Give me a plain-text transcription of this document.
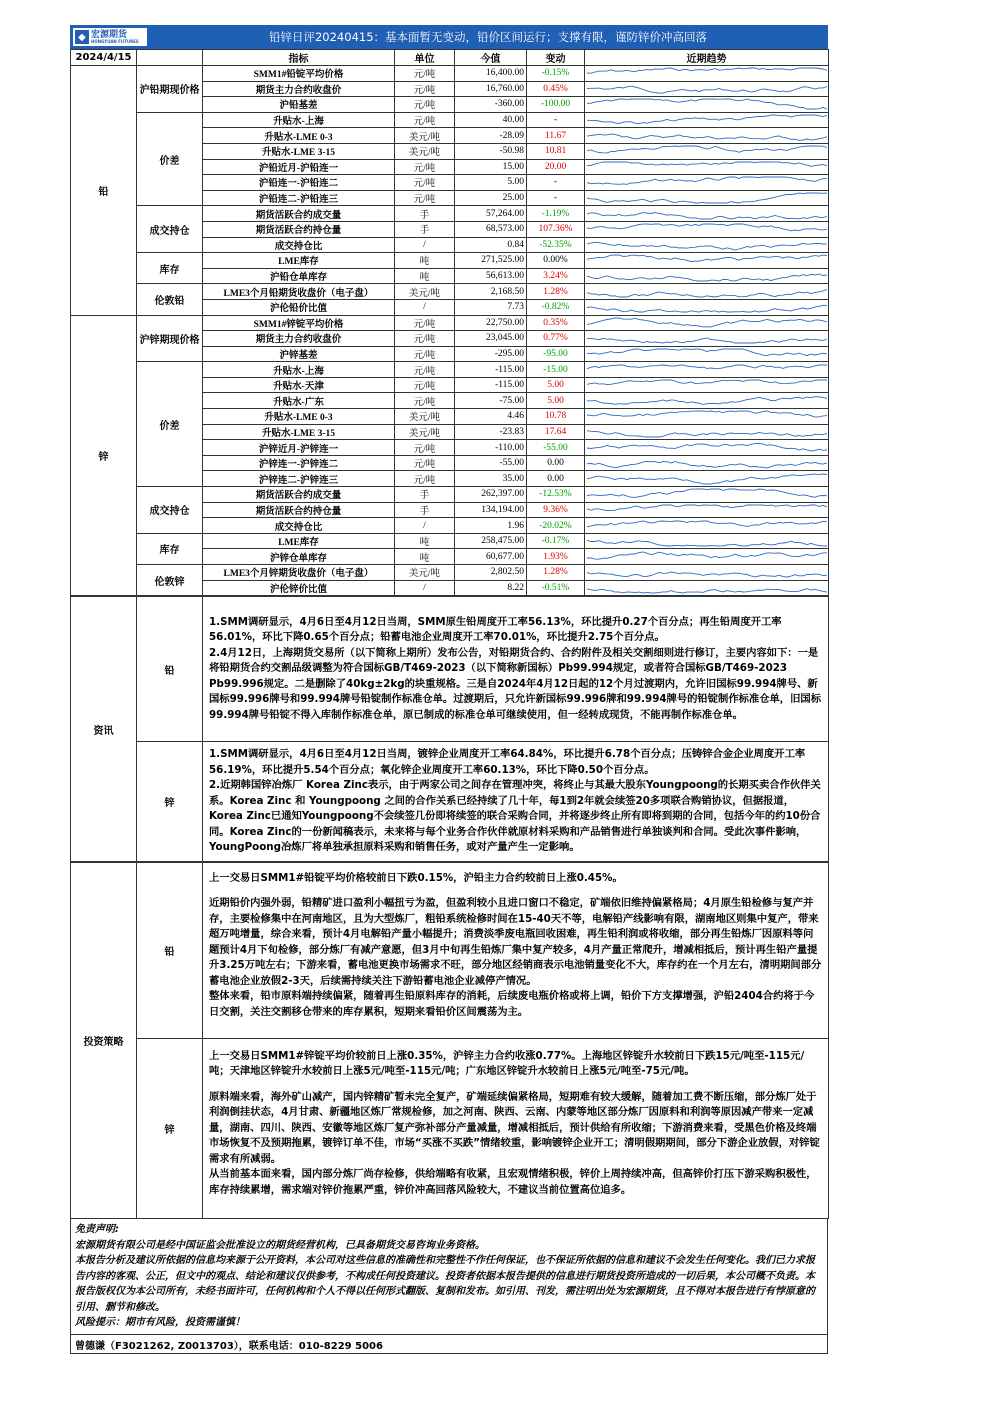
◆ 宏源期货
HONGYUAN FUTURES	铅锌日评20240415：基本面暂无变动，铅价区间运行；支撑有限，谨防锌价冲高回落
2024/4/15		指标	单位	今值	变动	近期趋势
铅	沪铅期现价格	SMM1#铅锭平均价格	元/吨	16,400.00	-0.15%	

		期货主力合约收盘价	元/吨	16,760.00	0.45%	

		沪铅基差	元/吨	-360.00	-100.00	

	价差	升贴水-上海	元/吨	40.00	-	

		升贴水-LME 0-3	美元/吨	-28.09	11.67	

		升贴水-LME 3-15	美元/吨	-50.98	10.81	

		沪铅近月-沪铅连一	元/吨	15.00	20.00	

		沪铅连一-沪铅连二	元/吨	5.00	-	

		沪铅连二-沪铅连三	元/吨	25.00	-	

	成交持仓	期货活跃合约成交量	手	57,264.00	-1.19%	

		期货活跃合约持仓量	手	68,573.00	107.36%	

		成交持仓比	/	0.84	-52.35%	

	库存	LME库存	吨	271,525.00	0.00%	

		沪铅仓单库存	吨	56,613.00	3.24%	

	伦敦铅	LME3个月铅期货收盘价（电子盘）	美元/吨	2,168.50	1.28%	

		沪伦铅价比值	/	7.73	-0.82%	

锌	沪锌期现价格	SMM1#锌锭平均价格	元/吨	22,750.00	0.35%	

		期货主力合约收盘价	元/吨	23,045.00	0.77%	

		沪锌基差	元/吨	-295.00	-95.00	

	价差	升贴水-上海	元/吨	-115.00	-15.00	

		升贴水-天津	元/吨	-115.00	5.00	

		升贴水-广东	元/吨	-75.00	5.00	

		升贴水-LME 0-3	美元/吨	4.46	10.78	

		升贴水-LME 3-15	美元/吨	-23.83	17.64	

		沪锌近月-沪锌连一	元/吨	-110.00	-55.00	

		沪锌连一-沪锌连二	元/吨	-55.00	0.00	

		沪锌连二-沪锌连三	元/吨	35.00	0.00	

	成交持仓	期货活跃合约成交量	手	262,397.00	-12.53%	

		期货活跃合约持仓量	手	134,194.00	9.36%	

		成交持仓比	/	1.96	-20.02%	

	库存	LME库存	吨	258,475.00	-0.17%	

		沪锌仓单库存	吨	60,677.00	1.93%	

	伦敦锌	LME3个月锌期货收盘价（电子盘）	美元/吨	2,802.50	1.28%	

		沪伦锌价比值	/	8.22	-0.51%	
资讯	铅	1.SMM调研显示，4月6日至4月12日当周，SMM原生铅周度开工率56.13%，环比提升0.27个百分点；再生铅周度开工率56.01%，环比下降0.65个百分点；铅蓄电池企业周度开工率70.01%，环比提升2.75个百分点。

2.4月12日，上海期货交易所（以下简称上期所）发布公告，对铅期货合约、合约附件及相关交割细则进行修订，主要内容如下：一是将铅期货合约交割品级调整为符合国标GB/T469-2023（以下简称新国标）Pb99.994规定，或者符合国标GB/T469-2023 Pb99.996规定。二是删除了40kg±2kg的块重规格。三是自2024年4月12日起的12个月过渡期内，允许旧国标99.994牌号、新国标99.996牌号和99.994牌号铅锭制作标准仓单。过渡期后，只允许新国标99.996牌和99.994牌号的铅锭制作标准仓单，旧国标99.994牌号铅锭不得入库制作标准仓单，原已制成的标准仓单可继续使用，但一经转成现货，不能再制作标准仓单。

	锌	1.SMM调研显示，4月6日至4月12日当周，镀锌企业周度开工率64.84%，环比提升6.78个百分点；压铸锌合金企业周度开工率56.19%，环比提升5.54个百分点；氧化锌企业周度开工率60.13%，环比下降0.50个百分点。

2.近期韩国锌冶炼厂 Korea Zinc表示，由于两家公司之间存在管理冲突，将终止与其最大股东Youngpoong的长期买卖合作伙伴关系。Korea Zinc 和 Youngpoong 之间的合作关系已经持续了几十年，每1到2年就会续签20多项联合购销协议，但据报道，Korea Zinc已通知Youngpoong不会续签几份即将续签的联合采购合同，并将逐步终止所有即将到期的合同，包括今年的约10份合同。Korea Zinc的一份新闻稿表示，未来将与每个业务合作伙伴就原材料采购和产品销售进行单独谈判和合同。受此次事件影响，YoungPoong冶炼厂将单独承担原料采购和销售任务，或对产量产生一定影响。

投资策略	铅	上一交易日SMM1#铅锭平均价格较前日下跌0.15%，沪铅主力合约较前日上涨0.45%。

近期铅价内强外弱，铅精矿进口盈利小幅扭亏为盈，但盈利较小且进口窗口不稳定，矿端依旧维持偏紧格局；4月原生铅检修与复产并存，主要检修集中在河南地区，且为大型炼厂，粗铅系统检修时间在15-40天不等，电解铅产线影响有限，湖南地区则集中复产，带来超万吨增量，综合来看，预计4月电解铅产量小幅提升；消费淡季废电瓶回收困难，再生铅利润或将收缩，部分再生铅炼厂因原料等问题预计4月下旬检修，部分炼厂有减产意愿，但3月中旬再生铅炼厂集中复产较多，4月产量正常爬升，增减相抵后，预计再生铅产量提升3.25万吨左右；下游来看，蓄电池更换市场需求不旺，部分地区经销商表示电池销量变化不大，库存约在一个月左右，清明期间部分蓄电池企业放假2-3天，后续需持续关注下游铅蓄电池企业减停产情况。
整体来看，铅市原料端持续偏紧，随着再生铅原料库存的消耗，后续废电瓶价格或将上调，铅价下方支撑增强，沪铅2404合约将于今日交割，关注交割移仓带来的库存累积，短期来看铅价区间震荡为主。

	锌	上一交易日SMM1#锌锭平均价较前日上涨0.35%，沪锌主力合约收涨0.77%。上海地区锌锭升水较前日下跌15元/吨至-115元/吨；天津地区锌锭升水较前日上涨5元/吨至-115元/吨；广东地区锌锭升水较前日上涨5元/吨至-75元/吨。

原料端来看，海外矿山减产，国内锌精矿暂未完全复产，矿端延续偏紧格局，短期难有较大缓解，随着加工费不断压缩，部分炼厂处于利润倒挂状态，4月甘肃、新疆地区炼厂常规检修，加之河南、陕西、云南、内蒙等地区部分炼厂因原料和利润等原因减产带来一定减量，湖南、四川、陕西、安徽等地区炼厂复产弥补部分产量减量，增减相抵后，预计供给有所收缩；下游消费来看，受黑色价格及终端市场恢复不及预期拖累，镀锌订单不佳，市场“买涨不买跌”情绪较重，影响镀锌企业开工；清明假期期间，部分下游企业放假，对锌锭需求有所减弱。
从当前基本面来看，国内部分炼厂尚存检修，供给端略有收紧，且宏观情绪积极，锌价上周持续冲高，但高锌价打压下游采购积极性，库存持续累增，需求端对锌价拖累严重，锌价冲高回落风险较大，不建议当前位置高位追多。

免责声明:
宏源期货有限公司是经中国证监会批准设立的期货经营机构，已具备期货交易咨询业务资格。
本报告分析及建议所依据的信息均来源于公开资料，本公司对这些信息的准确性和完整性不作任何保证，也不保证所依据的信息和建议不会发生任何变化。我们已力求报告内容的客观、公正，但文中的观点、结论和建议仅供参考，不构成任何投资建议。投资者依据本报告提供的信息进行期货投资所造成的一切后果，本公司概不负责。本报告版权仅为本公司所有，未经书面许可，任何机构和个人不得以任何形式翻版、复制和发布。如引用、刊发，需注明出处为宏源期货，且不得对本报告进行有悖原意的引用、删节和修改。
风险提示：期市有风险，投资需谨慎！
曾德谦（F3021262, Z0013703），联系电话：010-8229 5006
